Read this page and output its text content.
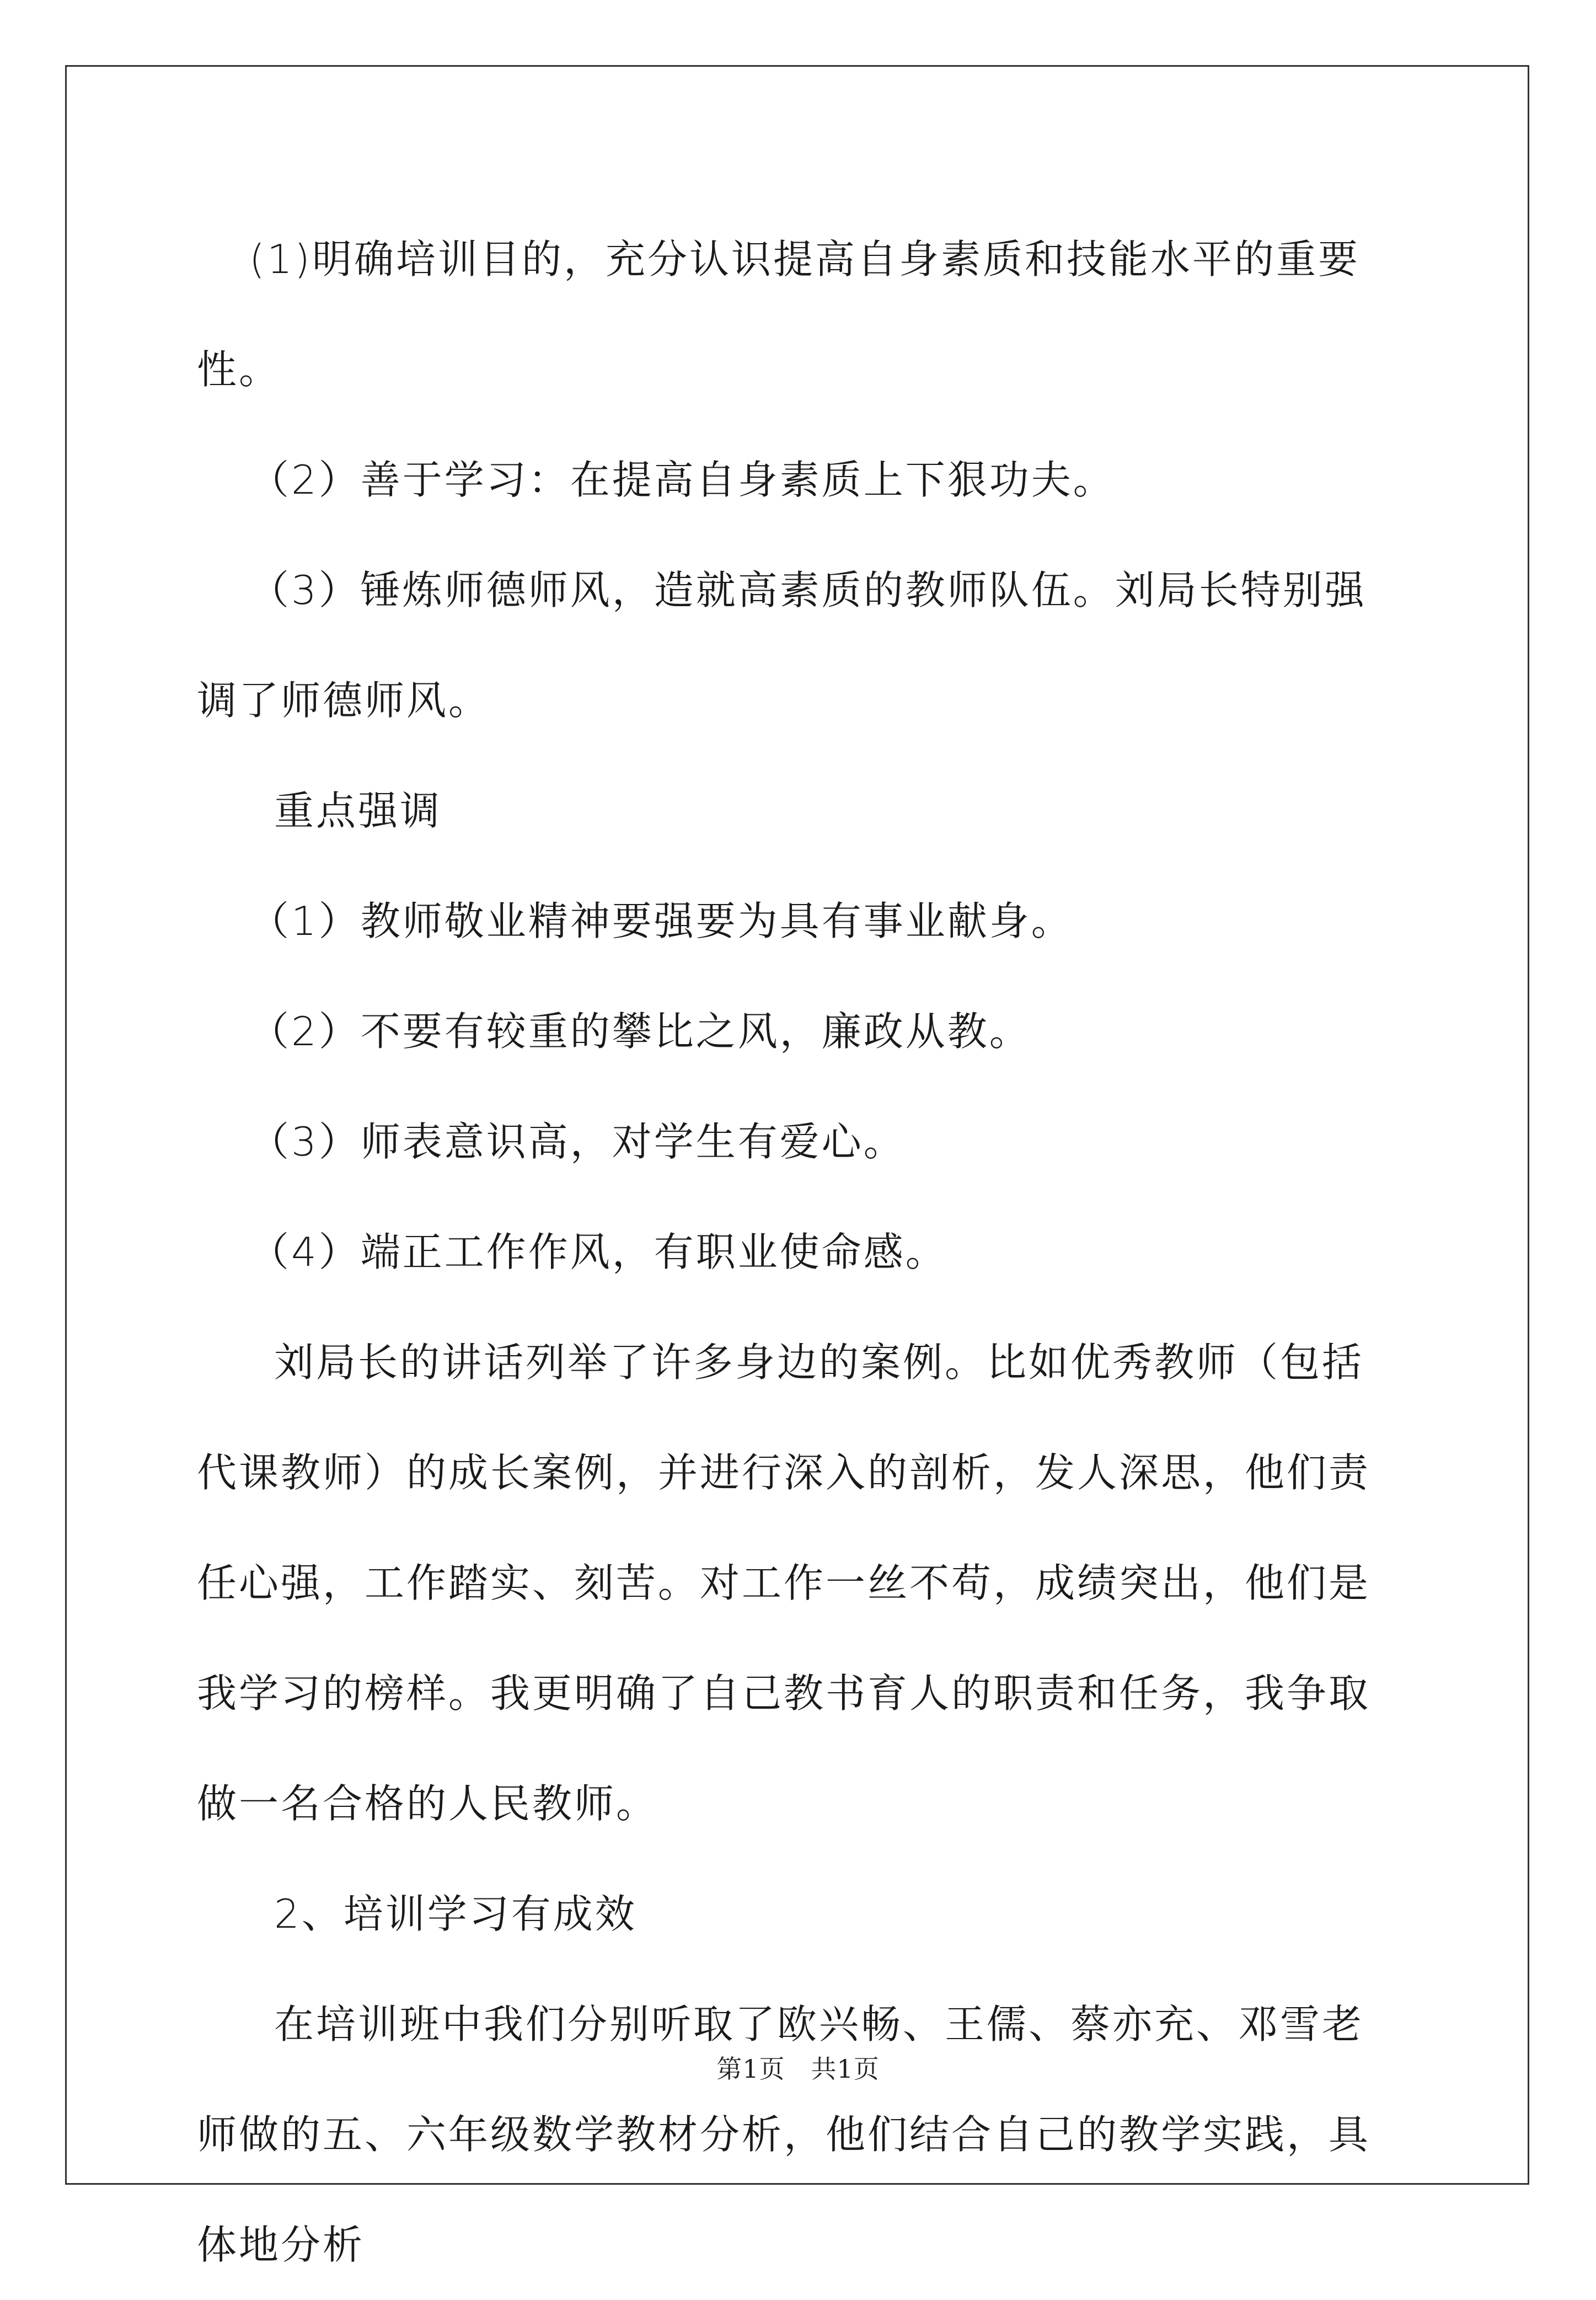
(1)明确培训目的，充分认识提高自身素质和技能水平的重要性。

（2）善于学习：在提高自身素质上下狠功夫。

（3）锤炼师德师风，造就高素质的教师队伍。刘局长特别强调了师德师风。

重点强调

（1）教师敬业精神要强要为具有事业献身。

（2）不要有较重的攀比之风，廉政从教。

（3）师表意识高，对学生有爱心。

（4）端正工作作风，有职业使命感。

刘局长的讲话列举了许多身边的案例。比如优秀教师（包括代课教师）的成长案例，并进行深入的剖析，发人深思，他们责任心强，工作踏实、刻苦。对工作一丝不苟，成绩突出，他们是我学习的榜样。我更明确了自己教书育人的职责和任务，我争取做一名合格的人民教师。

2、培训学习有成效

在培训班中我们分别听取了欧兴畅、王儒、蔡亦充、邓雪老师做的五、六年级数学教材分析，他们结合自己的教学实践，具体地分析

第1页　共1页
